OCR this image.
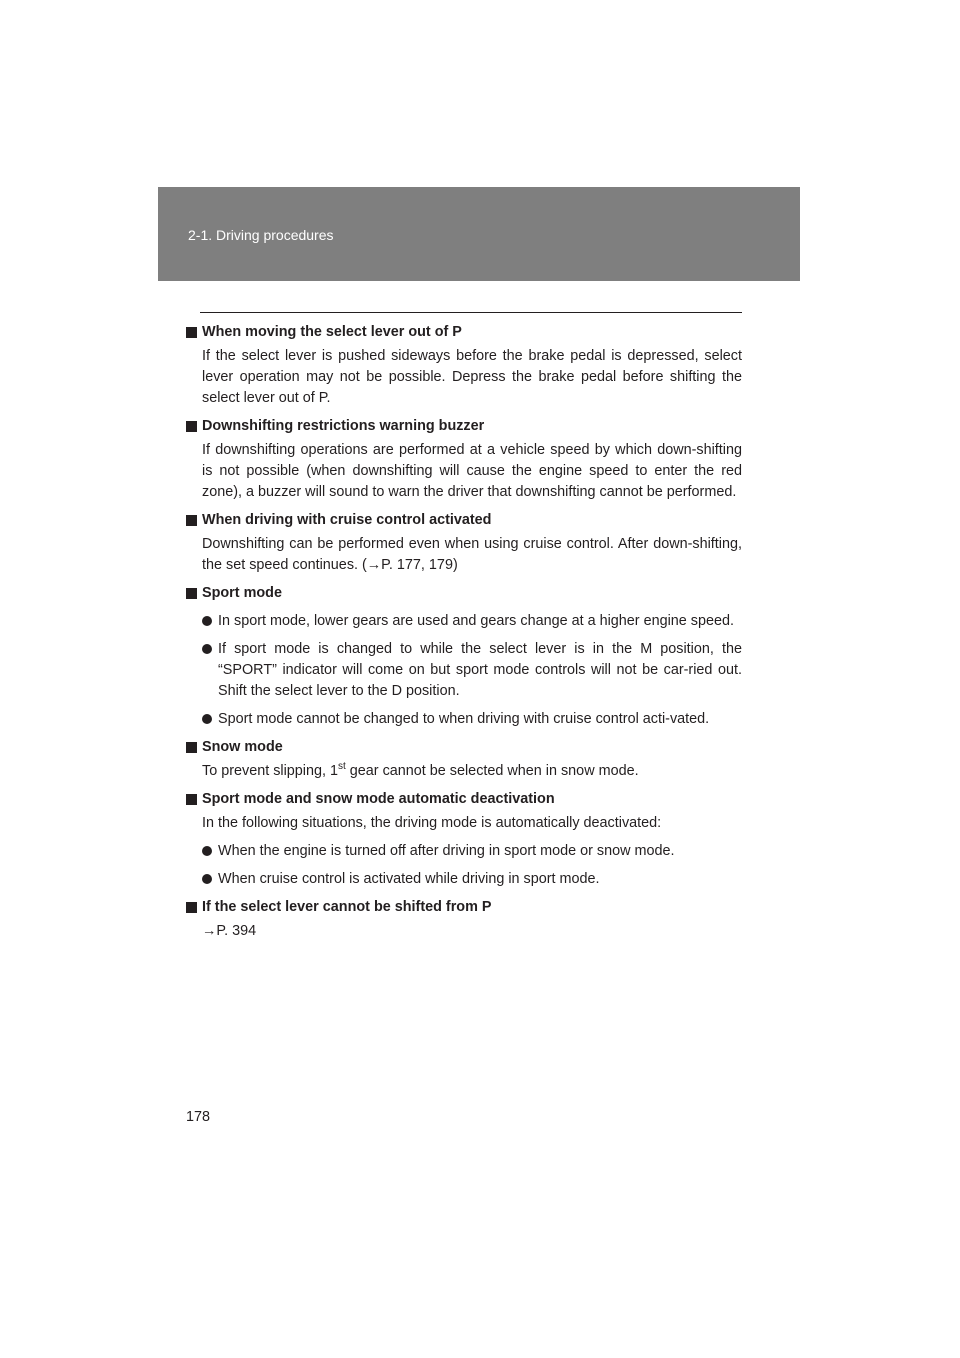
2-1. Driving procedures
When moving the select lever out of P
If the select lever is pushed sideways before the brake pedal is depressed, select lever operation may not be possible. Depress the brake pedal before shifting the select lever out of P.
Downshifting restrictions warning buzzer
If downshifting operations are performed at a vehicle speed by which down-shifting is not possible (when downshifting will cause the engine speed to enter the red zone), a buzzer will sound to warn the driver that downshifting cannot be performed.
When driving with cruise control activated
Downshifting can be performed even when using cruise control. After down-shifting, the set speed continues. (→P. 177, 179)
Sport mode
In sport mode, lower gears are used and gears change at a higher engine speed.
If sport mode is changed to while the select lever is in the M position, the “SPORT” indicator will come on but sport mode controls will not be car-ried out. Shift the select lever to the D position.
Sport mode cannot be changed to when driving with cruise control acti-vated.
Snow mode
To prevent slipping, 1st gear cannot be selected when in snow mode.
Sport mode and snow mode automatic deactivation
In the following situations, the driving mode is automatically deactivated:
When the engine is turned off after driving in sport mode or snow mode.
When cruise control is activated while driving in sport mode.
If the select lever cannot be shifted from P
→P. 394
178
